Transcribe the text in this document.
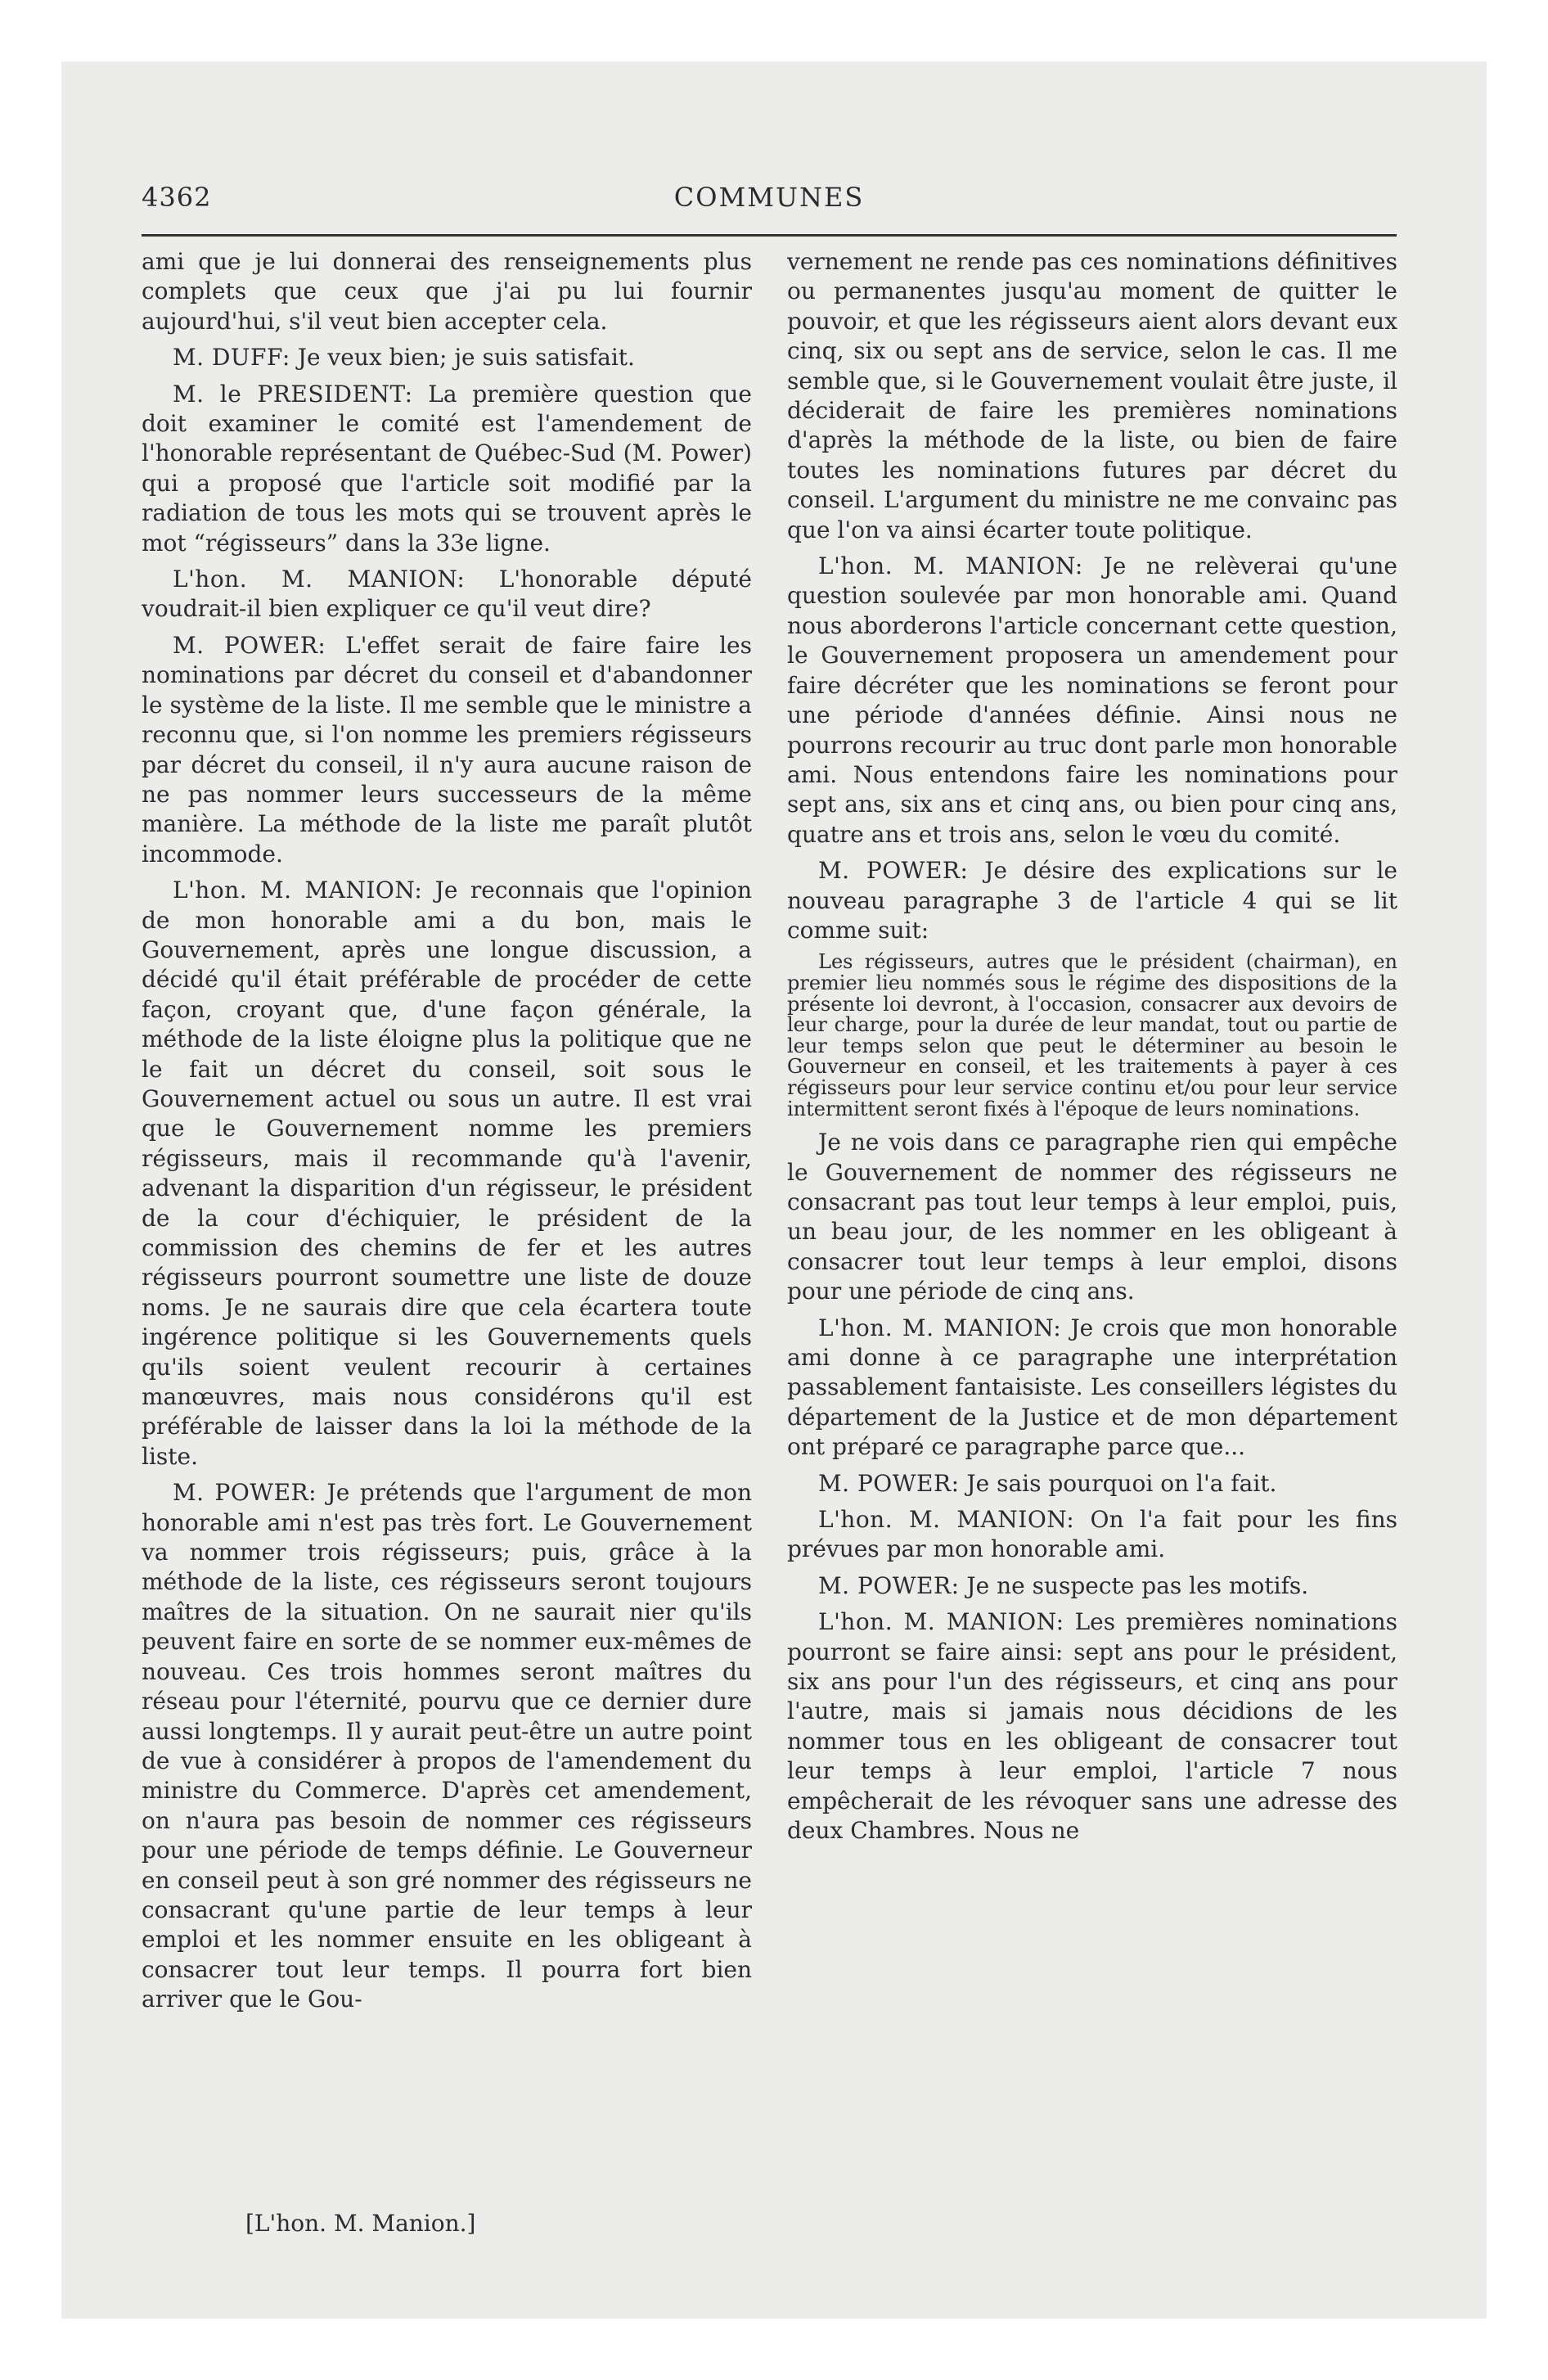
4362	COMMUNES

ami que je lui donnerai des renseignements plus complets que ceux que j'ai pu lui fournir aujourd'hui, s'il veut bien accepter cela.

M. DUFF: Je veux bien; je suis satisfait.

M. le PRESIDENT: La première question que doit examiner le comité est l'amendement de l'honorable représentant de Québec-Sud (M. Power) qui a proposé que l'article soit modifié par la radiation de tous les mots qui se trouvent après le mot “régisseurs” dans la 33e ligne.

L'hon. M. MANION: L'honorable député voudrait-il bien expliquer ce qu'il veut dire?

M. POWER: L'effet serait de faire faire les nominations par décret du conseil et d'abandonner le système de la liste. Il me semble que le ministre a reconnu que, si l'on nomme les premiers régisseurs par décret du conseil, il n'y aura aucune raison de ne pas nommer leurs successeurs de la même manière. La méthode de la liste me paraît plutôt incommode.

L'hon. M. MANION: Je reconnais que l'opinion de mon honorable ami a du bon, mais le Gouvernement, après une longue discussion, a décidé qu'il était préférable de procéder de cette façon, croyant que, d'une façon générale, la méthode de la liste éloigne plus la politique que ne le fait un décret du conseil, soit sous le Gouvernement actuel ou sous un autre. Il est vrai que le Gouvernement nomme les premiers régisseurs, mais il recommande qu'à l'avenir, advenant la disparition d'un régisseur, le président de la cour d'échiquier, le président de la commission des chemins de fer et les autres régisseurs pourront soumettre une liste de douze noms. Je ne saurais dire que cela écartera toute ingérence politique si les Gouvernements quels qu'ils soient veulent recourir à certaines manœuvres, mais nous considérons qu'il est préférable de laisser dans la loi la méthode de la liste.

M. POWER: Je prétends que l'argument de mon honorable ami n'est pas très fort. Le Gouvernement va nommer trois régisseurs; puis, grâce à la méthode de la liste, ces régisseurs seront toujours maîtres de la situation. On ne saurait nier qu'ils peuvent faire en sorte de se nommer eux-mêmes de nouveau. Ces trois hommes seront maîtres du réseau pour l'éternité, pourvu que ce dernier dure aussi longtemps. Il y aurait peut-être un autre point de vue à considérer à propos de l'amendement du ministre du Commerce. D'après cet amendement, on n'aura pas besoin de nommer ces régisseurs pour une période de temps définie. Le Gouverneur en conseil peut à son gré nommer des régisseurs ne consacrant qu'une partie de leur temps à leur emploi et les nommer ensuite en les obligeant à consacrer tout leur temps. Il pourra fort bien arriver que le Gou-

vernement ne rende pas ces nominations définitives ou permanentes jusqu'au moment de quitter le pouvoir, et que les régisseurs aient alors devant eux cinq, six ou sept ans de service, selon le cas. Il me semble que, si le Gouvernement voulait être juste, il déciderait de faire les premières nominations d'après la méthode de la liste, ou bien de faire toutes les nominations futures par décret du conseil. L'argument du ministre ne me convainc pas que l'on va ainsi écarter toute politique.

L'hon. M. MANION: Je ne relèverai qu'une question soulevée par mon honorable ami. Quand nous aborderons l'article concernant cette question, le Gouvernement proposera un amendement pour faire décréter que les nominations se feront pour une période d'années définie. Ainsi nous ne pourrons recourir au truc dont parle mon honorable ami. Nous entendons faire les nominations pour sept ans, six ans et cinq ans, ou bien pour cinq ans, quatre ans et trois ans, selon le vœu du comité.

M. POWER: Je désire des explications sur le nouveau paragraphe 3 de l'article 4 qui se lit comme suit:

Les régisseurs, autres que le président (chairman), en premier lieu nommés sous le régime des dispositions de la présente loi devront, à l'occasion, consacrer aux devoirs de leur charge, pour la durée de leur mandat, tout ou partie de leur temps selon que peut le déterminer au besoin le Gouverneur en conseil, et les traitements à payer à ces régisseurs pour leur service continu et/ou pour leur service intermittent seront fixés à l'époque de leurs nominations.

Je ne vois dans ce paragraphe rien qui empêche le Gouvernement de nommer des régisseurs ne consacrant pas tout leur temps à leur emploi, puis, un beau jour, de les nommer en les obligeant à consacrer tout leur temps à leur emploi, disons pour une période de cinq ans.

L'hon. M. MANION: Je crois que mon honorable ami donne à ce paragraphe une interprétation passablement fantaisiste. Les conseillers légistes du département de la Justice et de mon département ont préparé ce paragraphe parce que...

M. POWER: Je sais pourquoi on l'a fait.

L'hon. M. MANION: On l'a fait pour les fins prévues par mon honorable ami.

M. POWER: Je ne suspecte pas les motifs.

L'hon. M. MANION: Les premières nominations pourront se faire ainsi: sept ans pour le président, six ans pour l'un des régisseurs, et cinq ans pour l'autre, mais si jamais nous décidions de les nommer tous en les obligeant de consacrer tout leur temps à leur emploi, l'article 7 nous empêcherait de les révoquer sans une adresse des deux Chambres. Nous ne

[L'hon. M. Manion.]
